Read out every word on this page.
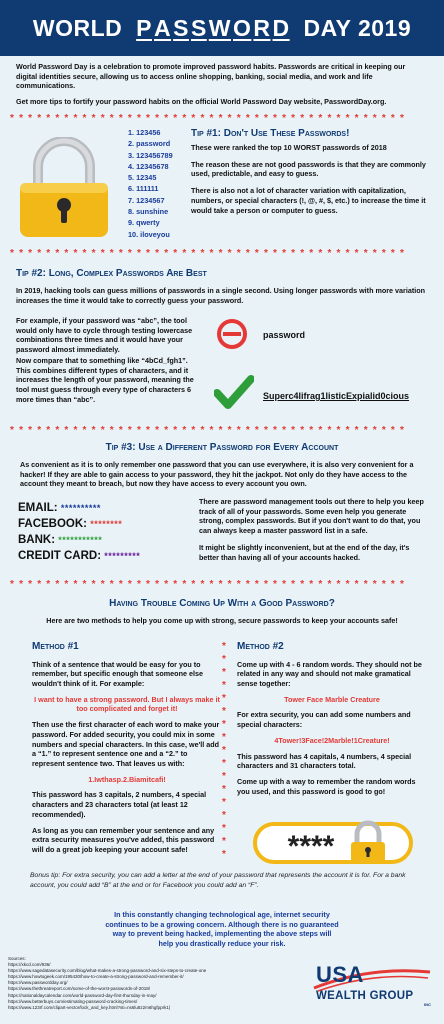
WORLD PASSWORD DAY 2019

World Password Day is a celebration to promote improved password habits. Passwords are critical in keeping our digital identities secure, allowing us to access online shopping, banking, social media, and work and life communications.

Get more tips to fortify your password habits on the official World Password Day website, PasswordDay.org.

* * * * * * * * * * * * * * * * * * * * * * * * * * * * * * * * * * * * * * * * * * * *
1. 123456
2. password
3. 123456789
4. 12345678
5. 12345
6. 111111
7. 1234567
8. sunshine
9. qwerty
10. iloveyou
Tip #1: Don't Use These Passwords!
These were ranked the top 10 WORST passwords of 2018
The reason these are not good passwords is that they are commonly used, predictable, and easy to guess.
There is also not a lot of character variation with capitalization, numbers, or special characters (!, @, #, $, etc.) to increase the time it would take a person or computer to guess.
* * * * * * * * * * * * * * * * * * * * * * * * * * * * * * * * * * * * * * * * * * * *
Tip #2: Long, Complex Passwords Are Best
In 2019, hacking tools can guess millions of passwords in a single second. Using longer passwords with more variation increases the time it would take to correctly guess your password.
For example, if your password was “abc”, the tool would only have to cycle through testing lowercase combinations three times and it would have your password almost immediately.
Now compare that to something like “4bCd_fgh1”. This combines different types of characters, and it increases the length of your password, meaning the tool must guess through every type of characters 6 more times than “abc”.
password
Superc4lifrag1listicExpialid0cious
* * * * * * * * * * * * * * * * * * * * * * * * * * * * * * * * * * * * * * * * * * * *
Tip #3: Use a Different Password for Every Account
As convenient as it is to only remember one password that you can use everywhere, it is also very convenient for a hacker! If they are able to gain access to your password, they hit the jackpot. Not only do they have access to the account they meant to breach, but now they have access to every account you own.
EMAIL: **********
FACEBOOK: ********
BANK: ***********
CREDIT CARD: *********

There are password management tools out there to help you keep track of all of your passwords. Some even help you generate strong, complex passwords. But if you don't want to do that, you can always keep a master password list in a safe.

It might be slightly inconvenient, but at the end of the day, it's better than having all of your accounts hacked.

* * * * * * * * * * * * * * * * * * * * * * * * * * * * * * * * * * * * * * * * * * * *
Having Trouble Coming Up With a Good Password?
Here are two methods to help you come up with strong, secure passwords to keep your accounts safe!
Method #1

Think of a sentence that would be easy for you to remember, but specific enough that someone else wouldn't think of it. For example:

I want to have a strong password. But I always make it too complicated and forget it!

Then use the first character of each word to make your password. For added security, you could mix in some numbers and special characters. In this case, we'll add a “1.” to represent sentence one and a “2.” to represent sentence two. That leaves us with:

1.Iwthasp.2.Biamitcafi!

This password has 3 capitals, 2 numbers, 4 special characters and 23 characters total (at least 12 recommended).

As long as you can remember your sentence and any extra security measures you've added, this password will do a great job keeping your account safe!

*
*
*
*
*
*
*
*
*
*
*
*
*
*
*
*
*
Method #2

Come up with 4 - 6 random words. They should not be related in any way and should not make gramatical sense together:

Tower Face Marble Creature

For extra security, you can add some numbers and special characters:

4Tower!3Face!2Marble!1Creature!

This password has 4 capitals, 4 numbers, 4 special characters and 31 characters total.

Come up with a way to remember the random words you used, and this password is good to go!

****
Bonus tip: For extra security, you can add a letter at the end of your password that represents the account it is for. For a bank account, you could add “B” at the end or for Facebook you could add an “F”.
In this constantly changing technological age, internet security continues to be a growing concern. Although there is no guaranteed way to prevent being hacked, implementing the above steps will help you drastically reduce your risk.
Sources:
https://xkcd.com/936/
https://www.sagedatasecurity.com/blog/what-makes-a-strong-password-and-six-steps-to-create-one
https://www.howtogeek.com/195430/how-to-create-a-strong-password-and-remember-it/
https://www.passwordday.org/
https://www.thethreatreport.com/some-of-the-worst-passwords-of-2018/
https://nationaldaycalendar.com/world-password-day-first-thursday-in-may/
https://www.betterbuys.com/estimating-password-cracking-times/
https://www.123rf.com/clipart-vector/lock_and_key.html?sti=ns6lu8z2m6hgfpprk1|
USA
WEALTH GROUP
INC
